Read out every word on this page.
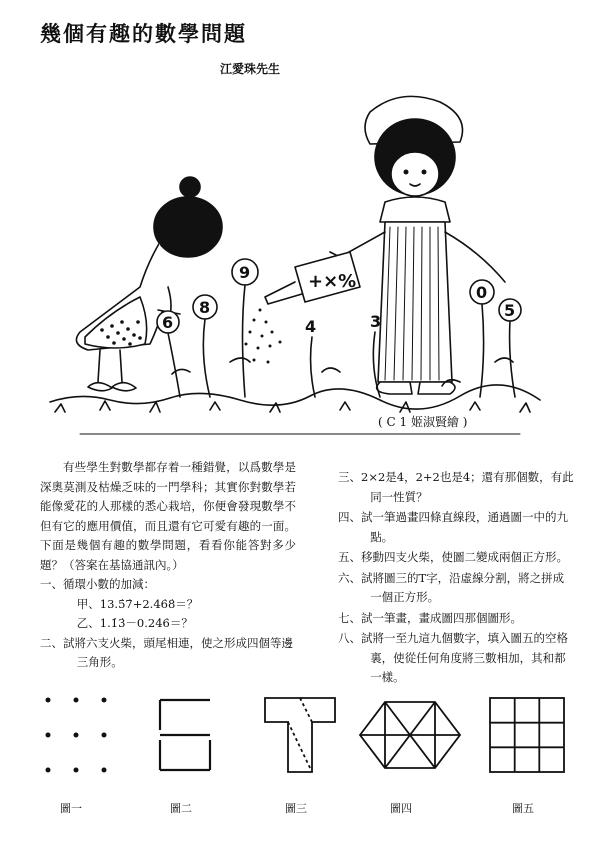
幾個有趣的數學問題
江愛珠先生
+×%
9
8
6	4	3
0
5
( C 1 姬淑賢繪 )

有些學生對數學都存着一種錯覺，以爲數學是深奧莫測及枯燥乏味的一門學科；其實你對數學若能像愛花的人那樣的悉心栽培，你便會發現數學不但有它的應用價值，而且還有它可愛有趣的一面。下面是幾個有趣的數學問題，看看你能答對多少題？（答案在基協通訊內。）

一、循環小數的加減：

甲、13.5̇7̇+2.46̇8̇＝？

乙、1.1̇3̇－0.24̇6̇＝？

二、試將六支火柴，頭尾相連，使之形成四個等邊三角形。

三、2×2是4，2+2也是4；還有那個數，有此同一性質？

四、試一筆過畫四條直線段，通過圖一中的九點。

五、移動四支火柴，使圖二變成兩個正方形。

六、試將圖三的T字，沿虛線分割，將之拼成一個正方形。

七、試一筆畫，畫成圖四那個圖形。

八、試將一至九這九個數字，填入圖五的空格裏，使從任何角度將三數相加，其和都一樣。

圖一	圖二	圖三	圖四	圖五
